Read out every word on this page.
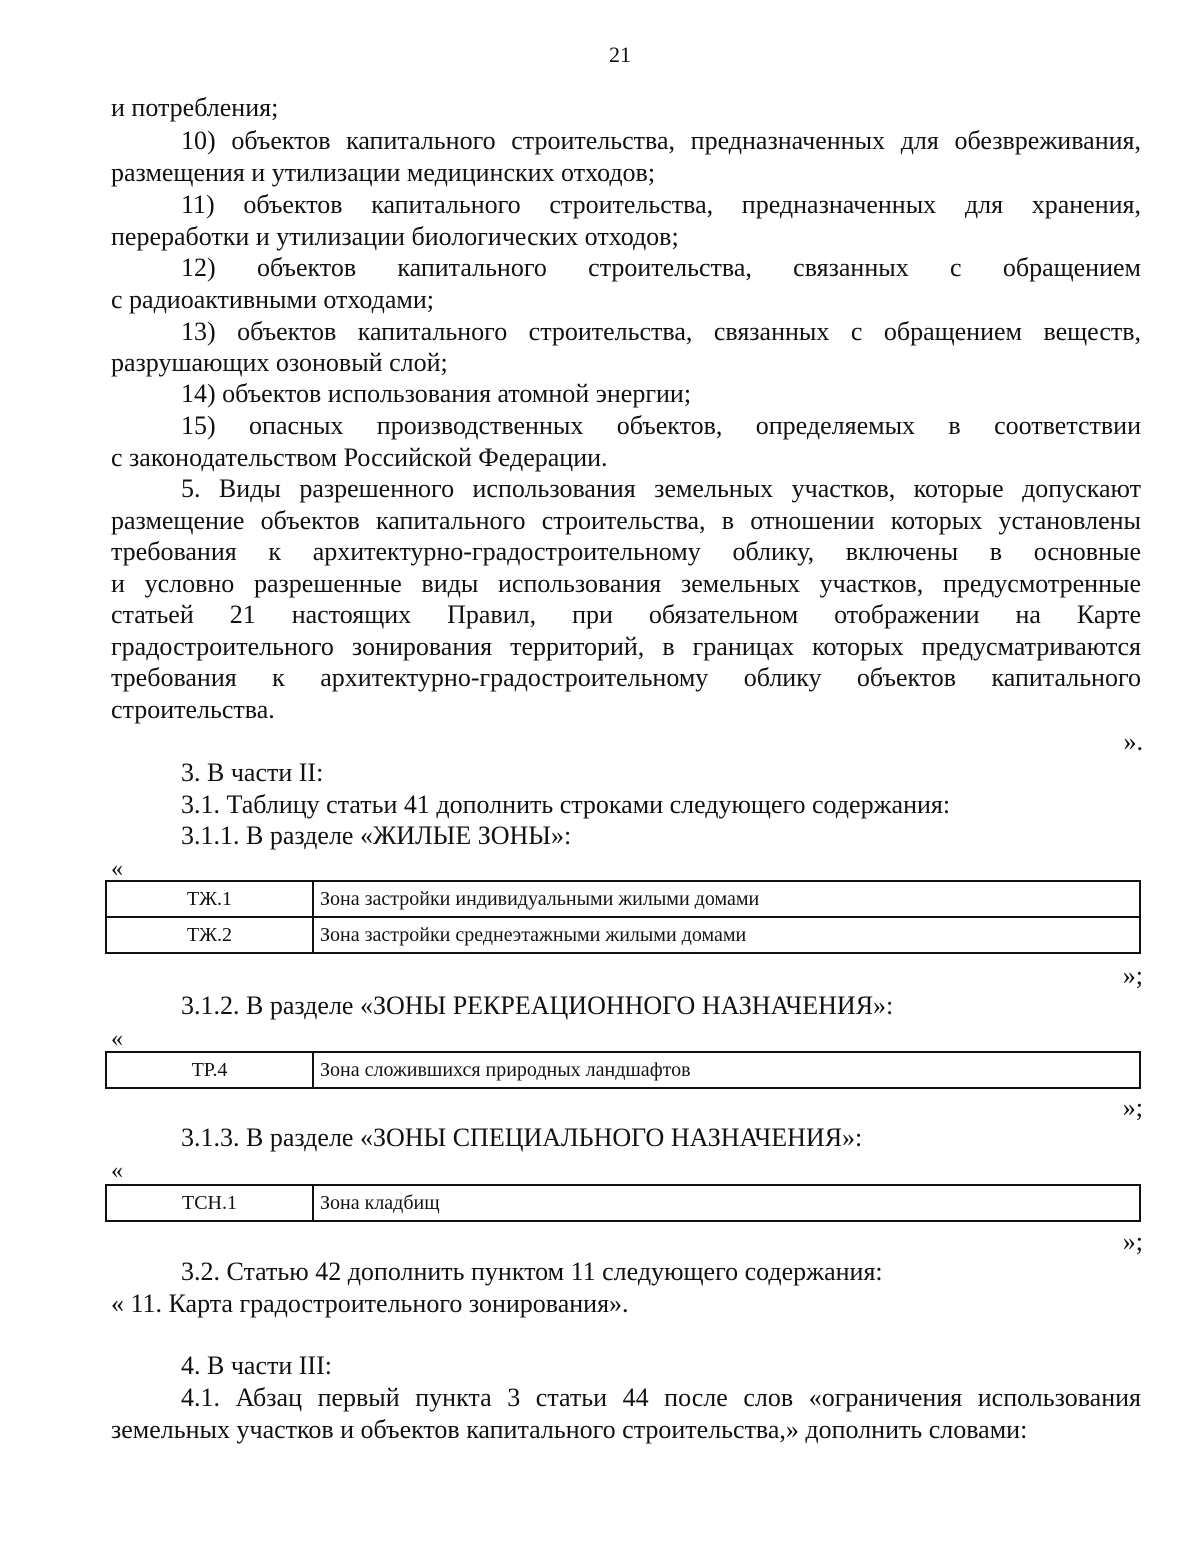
21
и потребления;
10) объектов капитального строительства, предназначенных для обезвреживания,
размещения и утилизации медицинских отходов;
11) объектов капитального строительства, предназначенных для хранения,
переработки и утилизации биологических отходов;
12) объектов капитального строительства, связанных с обращением
с радиоактивными отходами;
13) объектов капитального строительства, связанных с обращением веществ,
разрушающих озоновый слой;
14) объектов использования атомной энергии;
15) опасных производственных объектов, определяемых в соответствии
с законодательством Российской Федерации.
5. Виды разрешенного использования земельных участков, которые допускают
размещение объектов капитального строительства, в отношении которых установлены
требования к архитектурно-градостроительному облику, включены в основные
и условно разрешенные виды использования земельных участков, предусмотренные
статьей 21 настоящих Правил, при обязательном отображении на Карте
градостроительного зонирования территорий, в границах которых предусматриваются
требования к архитектурно-градостроительному облику объектов капитального
строительства.
».
3. В части II:
3.1. Таблицу статьи 41 дополнить строками следующего содержания:
3.1.1. В разделе «ЖИЛЫЕ ЗОНЫ»:
«
ТЖ.1	Зона застройки индивидуальными жилыми домами
ТЖ.2	Зона застройки среднеэтажными жилыми домами
»;
3.1.2. В разделе «ЗОНЫ РЕКРЕАЦИОННОГО НАЗНАЧЕНИЯ»:
«
ТР.4	Зона сложившихся природных ландшафтов
»;
3.1.3. В разделе «ЗОНЫ СПЕЦИАЛЬНОГО НАЗНАЧЕНИЯ»:
«
ТСН.1	Зона кладбищ
»;
3.2. Статью 42 дополнить пунктом 11 следующего содержания:
« 11. Карта градостроительного зонирования».
4. В части III:
4.1. Абзац первый пункта 3 статьи 44 после слов «ограничения использования
земельных участков и объектов капитального строительства,» дополнить словами:
